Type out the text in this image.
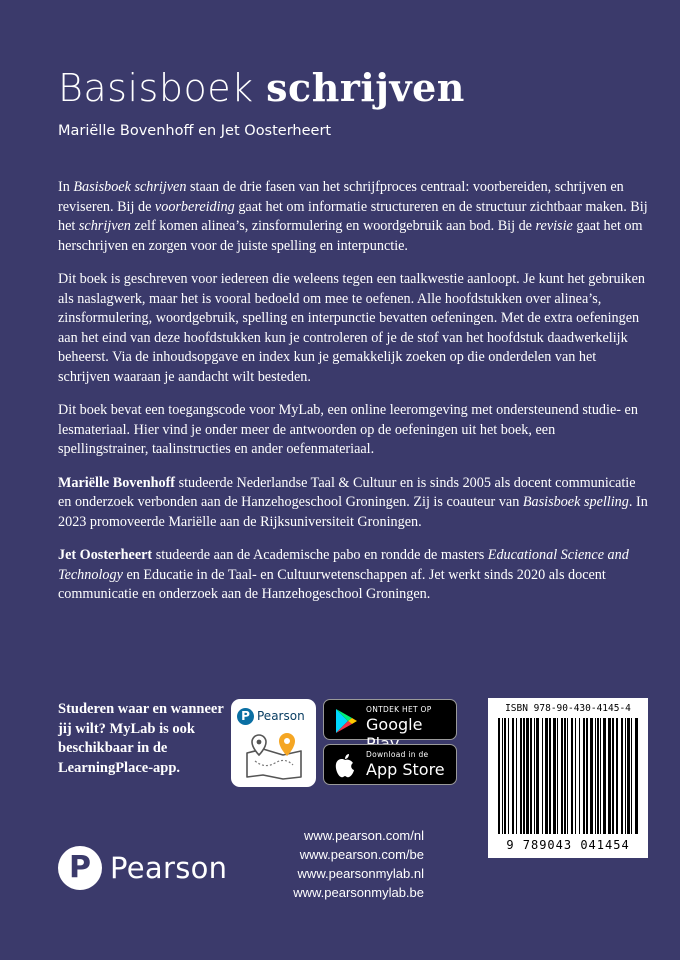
Basisboek schrijven
Mariëlle Bovenhoff en Jet Oosterheert

In Basisboek schrijven staan de drie fasen van het schrijfproces centraal: voorbereiden, schrijven en reviseren. Bij de voorbereiding gaat het om informatie structureren en de structuur zichtbaar maken. Bij het schrijven zelf komen alinea’s, zinsformulering en woordgebruik aan bod. Bij de revisie gaat het om herschrijven en zorgen voor de juiste spelling en interpunctie.

Dit boek is geschreven voor iedereen die weleens tegen een taalkwestie aanloopt. Je kunt het gebruiken als naslagwerk, maar het is vooral bedoeld om mee te oefenen. Alle hoofdstukken over alinea’s, zinsformulering, woordgebruik, spelling en interpunctie bevatten oefeningen. Met de extra oefeningen aan het eind van deze hoofdstukken kun je controleren of je de stof van het hoofdstuk daadwerkelijk beheerst. Via de inhoudsopgave en index kun je gemakkelijk zoeken op die onderdelen van het schrijven waaraan je aandacht wilt besteden.

Dit boek bevat een toegangscode voor MyLab, een online leeromgeving met ondersteunend studie- en lesmateriaal. Hier vind je onder meer de antwoorden op de oefeningen uit het boek, een spellingstrainer, taalinstructies en ander oefenmateriaal.

Mariëlle Bovenhoff studeerde Nederlandse Taal & Cultuur en is sinds 2005 als docent communicatie en onderzoek verbonden aan de Hanzehogeschool Groningen. Zij is coauteur van Basisboek spelling. In 2023 promoveerde Mariëlle aan de Rijksuniversiteit Groningen.

Jet Oosterheert studeerde aan de Academische pabo en rondde de masters Educational Science and Technology en Educatie in de Taal- en Cultuurwetenschappen af. Jet werkt sinds 2020 als docent communicatie en onderzoek aan de Hanzehogeschool Groningen.

Studeren waar en wanneer jij wilt? MyLab is ook beschikbaar in de LearningPlace-app.
P Pearson	ONTDEK HET OP
Google
Download in de
App Store
ISBN 978-90-430-4145-4
9 789043 041454
P Pearson
www.pearson.com/nl
www.pearson.com/be
www.pearsonmylab.nl
www.pearsonmylab.be
